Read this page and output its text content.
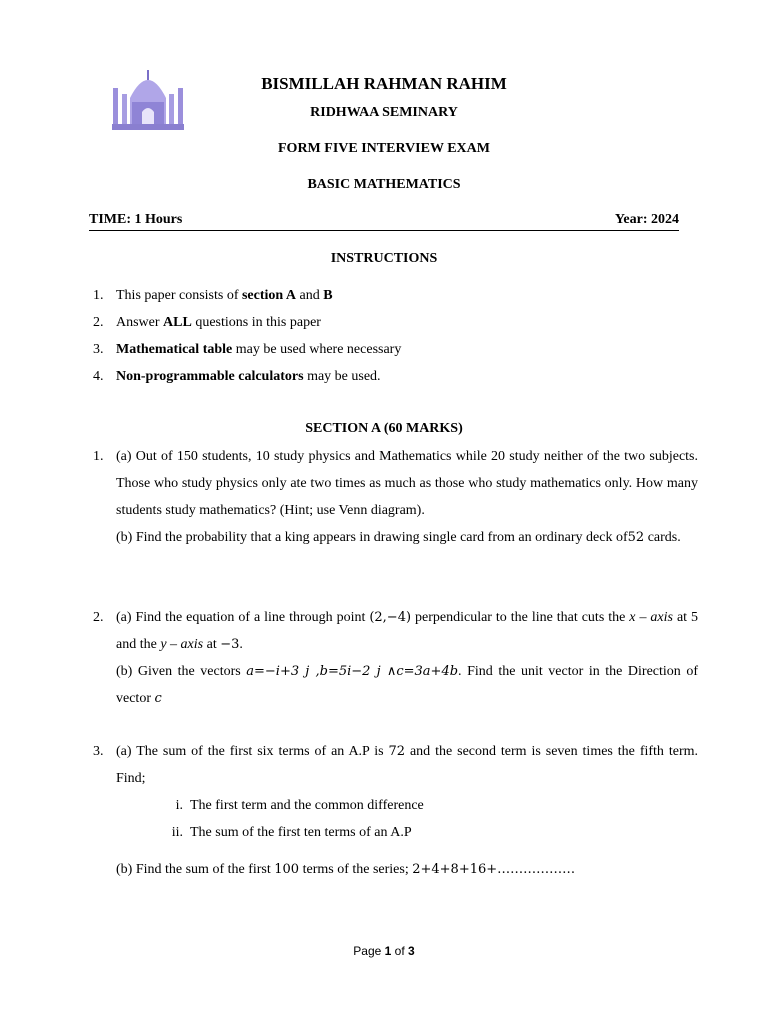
BISMILLAH RAHMAN RAHIM
RIDHWAA SEMINARY
FORM FIVE INTERVIEW EXAM
BASIC MATHEMATICS
TIME: 1 Hours	Year: 2024
INSTRUCTIONS
1. This paper consists of section A and B
2. Answer ALL questions in this paper
3. Mathematical table may be used where necessary
4. Non-programmable calculators may be used.
SECTION A (60 MARKS)
1. (a) Out of 150 students, 10 study physics and Mathematics while 20 study neither of the two subjects. Those who study physics only ate two times as much as those who study mathematics only. How many students study mathematics? (Hint; use Venn diagram).

(b) Find the probability that a king appears in drawing single card from an ordinary deck of52 cards.

2. (a) Find the equation of a line through point (2,−4) perpendicular to the line that cuts the x – axis at 5 and the y – axis at −3.

(b) Given the vectors a=−i+3 j ,b=5i−2 j ∧c=3a+4b. Find the unit vector in the Direction of vector c

3. (a) The sum of the first six terms of an A.P is 72 and the second term is seven times the fifth term. Find;

i. The first term and the common difference
ii. The sum of the first ten terms of an A.P

(b) Find the sum of the first 100 terms of the series; 2+4+8+16+………………

Page 1 of 3
